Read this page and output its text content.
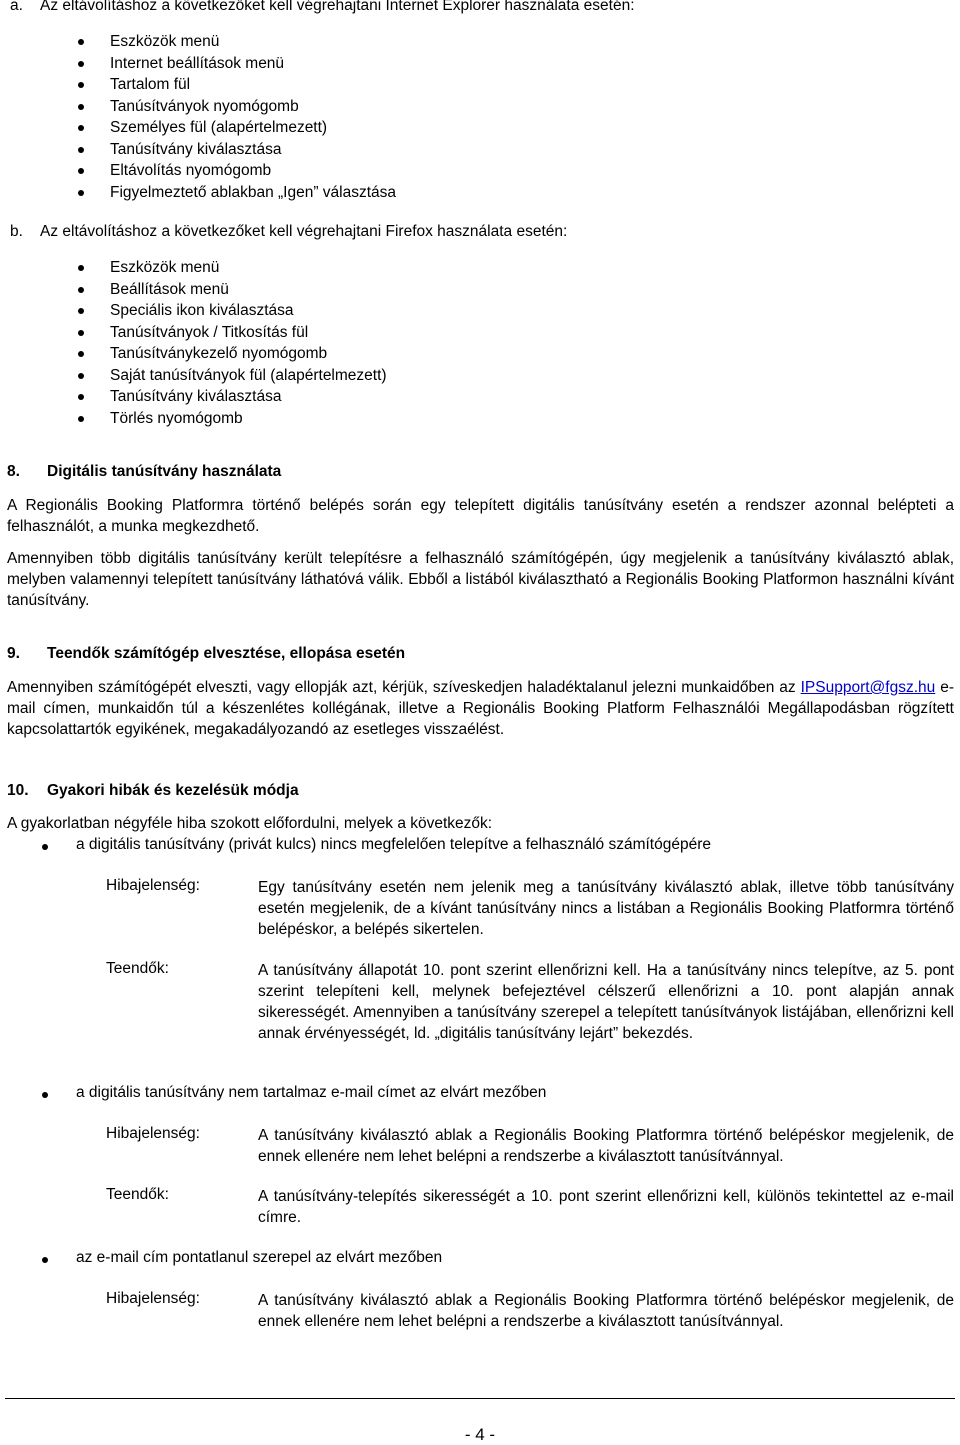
a. Az eltávolításhoz a következőket kell végrehajtani Internet Explorer használata esetén:
Eszközök menü
Internet beállítások menü
Tartalom fül
Tanúsítványok nyomógomb
Személyes fül (alapértelmezett)
Tanúsítvány kiválasztása
Eltávolítás nyomógomb
Figyelmeztető ablakban „Igen” választása
b. Az eltávolításhoz a következőket kell végrehajtani Firefox használata esetén:
Eszközök menü
Beállítások menü
Speciális ikon kiválasztása
Tanúsítványok / Titkosítás fül
Tanúsítványkezelő nyomógomb
Saját tanúsítványok fül (alapértelmezett)
Tanúsítvány kiválasztása
Törlés nyomógomb
8. Digitális tanúsítvány használata
A Regionális Booking Platformra történő belépés során egy telepített digitális tanúsítvány esetén a rendszer azonnal belépteti a felhasználót, a munka megkezdhető.
Amennyiben több digitális tanúsítvány került telepítésre a felhasználó számítógépén, úgy megjelenik a tanúsítvány kiválasztó ablak, melyben valamennyi telepített tanúsítvány láthatóvá válik. Ebből a listából kiválasztható a Regionális Booking Platformon használni kívánt tanúsítvány.
9. Teendők számítógép elvesztése, ellopása esetén
Amennyiben számítógépét elveszti, vagy ellopják azt, kérjük, szíveskedjen haladéktalanul jelezni munkaidőben az IPSupport@fgsz.hu e-mail címen, munkaidőn túl a készenlétes kollégának, illetve a Regionális Booking Platform Felhasználói Megállapodásban rögzített kapcsolattartók egyikének, megakadályozandó az esetleges visszaélést.
10. Gyakori hibák és kezelésük módja
A gyakorlatban négyféle hiba szokott előfordulni, melyek a következők:
a digitális tanúsítvány (privát kulcs) nincs megfelelően telepítve a felhasználó számítógépére
Hibajelenség:	Egy tanúsítvány esetén nem jelenik meg a tanúsítvány kiválasztó ablak, illetve több tanúsítvány esetén megjelenik, de a kívánt tanúsítvány nincs a listában a Regionális Booking Platformra történő belépéskor, a belépés sikertelen.
Teendők:	A tanúsítvány állapotát 10. pont szerint ellenőrizni kell. Ha a tanúsítvány nincs telepítve, az 5. pont szerint telepíteni kell, melynek befejeztével célszerű ellenőrizni a 10. pont alapján annak sikerességét. Amennyiben a tanúsítvány szerepel a telepített tanúsítványok listájában, ellenőrizni kell annak érvényességét, ld. „digitális tanúsítvány lejárt” bekezdés.
a digitális tanúsítvány nem tartalmaz e-mail címet az elvárt mezőben
Hibajelenség:	A tanúsítvány kiválasztó ablak a Regionális Booking Platformra történő belépéskor megjelenik, de ennek ellenére nem lehet belépni a rendszerbe a kiválasztott tanúsítvánnyal.
Teendők:	A tanúsítvány-telepítés sikerességét a 10. pont szerint ellenőrizni kell, különös tekintettel az e-mail címre.
az e-mail cím pontatlanul szerepel az elvárt mezőben
Hibajelenség:	A tanúsítvány kiválasztó ablak a Regionális Booking Platformra történő belépéskor megjelenik, de ennek ellenére nem lehet belépni a rendszerbe a kiválasztott tanúsítvánnyal.
- 4 -
